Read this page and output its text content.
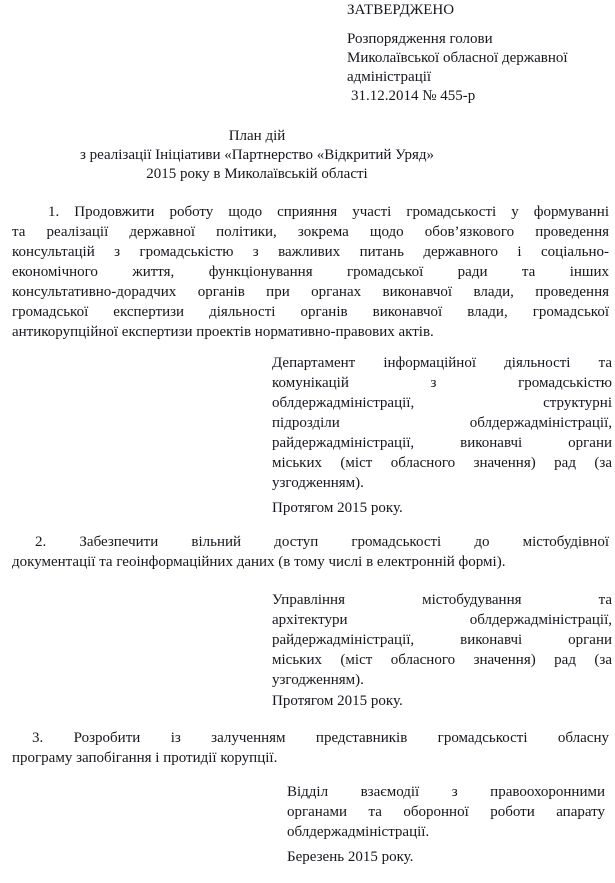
ЗАТВЕРДЖЕНО
Розпорядження голови
Миколаївської обласної державної
адміністрації
31.12.2014 № 455-р
План дій
з реалізації Ініціативи «Партнерство «Відкритий Уряд»
2015 року в Миколаївській області
1. Продовжити роботу щодо сприяння участі громадськості у формуванні
та реалізації державної політики, зокрема щодо обов’язкового проведення
консультацій з громадськістю з важливих питань державного і соціально-
економічного життя, функціонування громадської ради та інших
консультативно-дорадчих органів при органах виконавчої влади, проведення
громадської експертизи діяльності органів виконавчої влади, громадської
антикорупційної експертизи проектів нормативно-правових актів.
Департамент інформаційної діяльності та
комунікацій з громадськістю
облдержадміністрації, структурні
підрозділи облдержадміністрації,
райдержадміністрації, виконавчі органи
міських (міст обласного значення) рад (за
узгодженням).
Протягом 2015 року.
2. Забезпечити вільний доступ громадськості до містобудівної
документації та геоінформаційних даних (в тому числі в електронній формі).
Управління містобудування та
архітектури облдержадміністрації,
райдержадміністрації, виконавчі органи
міських (міст обласного значення) рад (за
узгодженням).
Протягом 2015 року.
3. Розробити із залученням представників громадськості обласну
програму запобігання і протидії корупції.
Відділ взаємодії з правоохоронними
органами та оборонної роботи апарату
облдержадміністрації.
Березень 2015 року.
